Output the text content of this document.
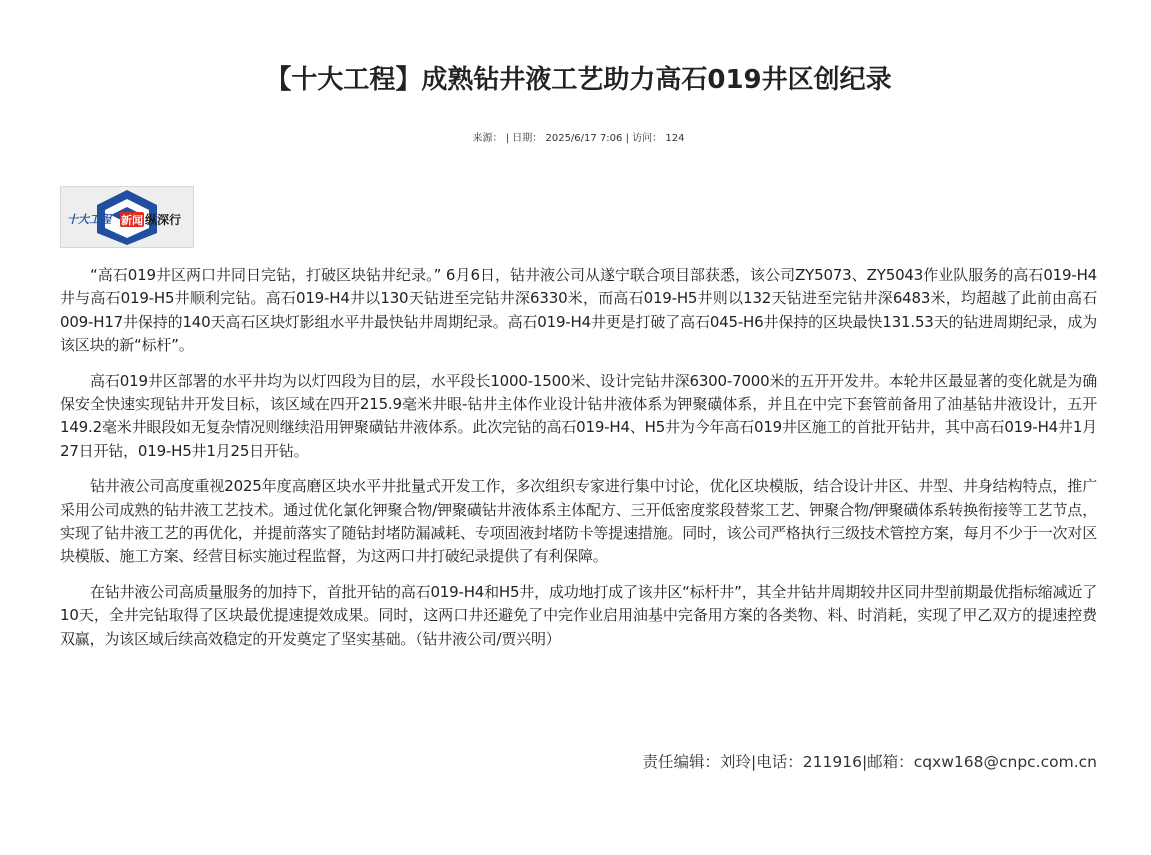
【十大工程】成熟钻井液工艺助力高石019井区创纪录
来源： | 日期： 2025/6/17 7:06 | 访问： 124
十大工程 新闻 纵深行

“高石019井区两口井同日完钻，打破区块钻井纪录。” 6月6日，钻井液公司从遂宁联合项目部获悉，该公司ZY5073、ZY5043作业队服务的高石019-H4井与高石019-H5井顺利完钻。高石019-H4井以130天钻进至完钻井深6330米，而高石019-H5井则以132天钻进至完钻井深6483米，均超越了此前由高石009-H17井保持的140天高石区块灯影组水平井最快钻井周期纪录。高石019-H4井更是打破了高石045-H6井保持的区块最快131.53天的钻进周期纪录，成为该区块的新“标杆”。

高石019井区部署的水平井均为以灯四段为目的层，水平段长1000-1500米、设计完钻井深6300-7000米的五开开发井。本轮井区最显著的变化就是为确保安全快速实现钻井开发目标，该区域在四开215.9毫米井眼-钻井主体作业设计钻井液体系为钾聚磺体系，并且在中完下套管前备用了油基钻井液设计，五开149.2毫米井眼段如无复杂情况则继续沿用钾聚磺钻井液体系。此次完钻的高石019-H4、H5井为今年高石019井区施工的首批开钻井，其中高石019-H4井1月27日开钻，019-H5井1月25日开钻。

钻井液公司高度重视2025年度高磨区块水平井批量式开发工作，多次组织专家进行集中讨论，优化区块模版，结合设计井区、井型、井身结构特点，推广采用公司成熟的钻井液工艺技术。通过优化氯化钾聚合物/钾聚磺钻井液体系主体配方、三开低密度浆段替浆工艺、钾聚合物/钾聚磺体系转换衔接等工艺节点，实现了钻井液工艺的再优化，并提前落实了随钻封堵防漏减耗、专项固液封堵防卡等提速措施。同时，该公司严格执行三级技术管控方案，每月不少于一次对区块模版、施工方案、经营目标实施过程监督，为这两口井打破纪录提供了有利保障。

在钻井液公司高质量服务的加持下，首批开钻的高石019-H4和H5井，成功地打成了该井区“标杆井”，其全井钻井周期较井区同井型前期最优指标缩减近了10天，全井完钻取得了区块最优提速提效成果。同时，这两口井还避免了中完作业启用油基中完备用方案的各类物、料、时消耗，实现了甲乙双方的提速控费双赢，为该区域后续高效稳定的开发奠定了坚实基础。（钻井液公司/贾兴明）

责任编辑：刘玲|电话：211916|邮箱：cqxw168@cnpc.com.cn
